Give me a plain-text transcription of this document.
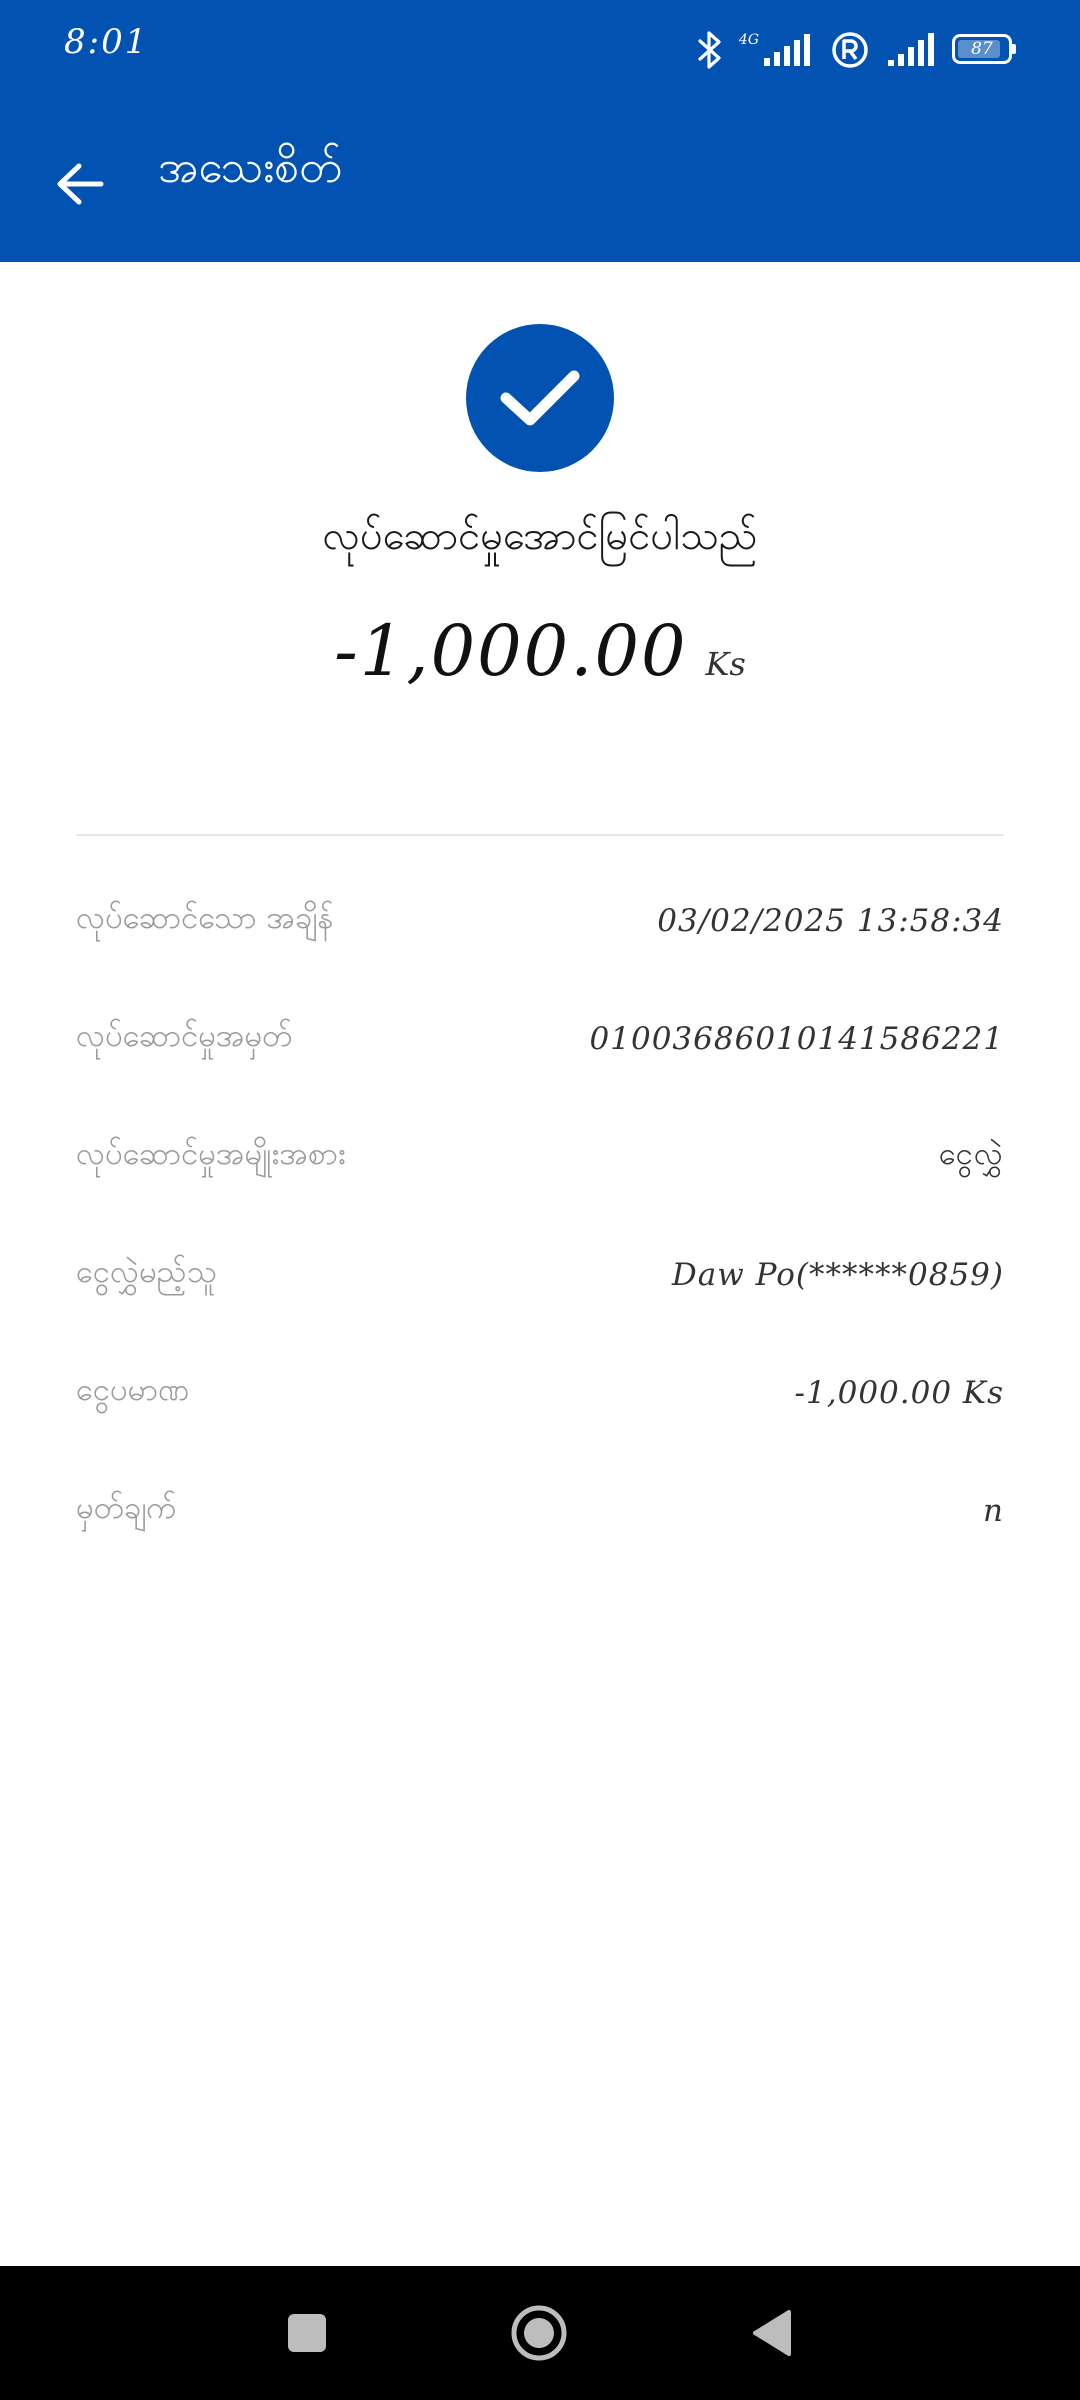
8:01	4G	87
အသေးစိတ်
လုပ်ဆောင်မှုအောင်မြင်ပါသည်
-1,000.00 Ks
လုပ်ဆောင်သော အချိန်	03/02/2025 13:58:34
လုပ်ဆောင်မှုအမှတ်	01003686010141586221
လုပ်ဆောင်မှုအမျိုးအစား	ငွေလွှဲ
ငွေလွှဲမည့်သူ	Daw Po(******0859)
ငွေပမာဏ	-1,000.00 Ks
မှတ်ချက်	n
